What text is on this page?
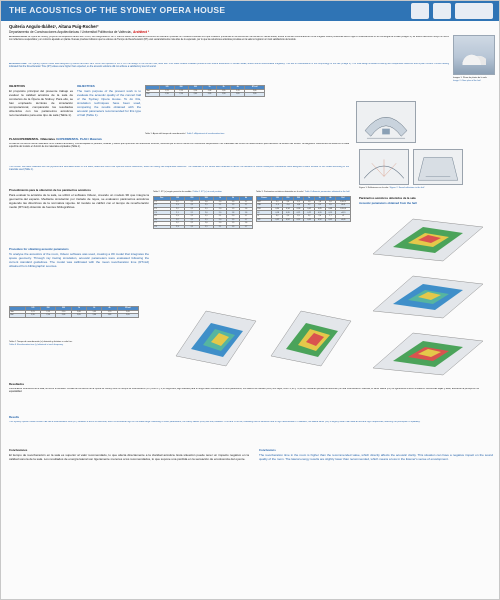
THE ACOUSTICS OF THE SYDNEY OPERA HOUSE
Quiteria Angulo-Ibáñez¹, Aitana Puig-Rocher²
Departamento de Construcciones Arquitectónicas / Universitat Politècnica de València¹, Architect ²
INTRODUCCION. La Ópera de Sídney, proyecto del arquitecto danés Jørn Utzon, fue inaugurada en 1973. Para el diseño de la sala de conciertos se realizaron pruebas con modelos a escala 1/10 que revelaron problemas en la distribución del sonido en ciertas áreas, donde el sonido reverberaba de forma irregular. Estos problemas dieron lugar a modificaciones en la morfología de la sala (Imagen 1). El diseño definitivo incluyó un techo con reflectores suspendidos y un contorno ajustado en planta. Nuevas pruebas indicaron que los valores de Tiempo de Reverberación (RT) eran sustancialmente más altos de lo esperado, por lo que las soluciones acústicas previstas en la sala no lograron un nivel satisfactorio del sonido.
INTRODUCTION. The Sydney Opera House was designed by Danish architect Jørn Utzon and opened in 1973. For the design of the concert hall, tests with 1/10 scale models revealed problems with sound distribution in certain areas, where sound reverberated irregularly. This led to modifications in the morphology of the hall (Image 1). The final design included a ceiling with suspended reflectors and a plan contour. Further testing indicated that the Reverberation Time (RT) values were higher than expected, so the acoustic solutions did not achieve a satisfactory level of sound.
Imagen 1. Plano de planta de la sala
Image 1. Floor plan of the hall
OBJETIVOS
El propósito principal del presente trabajo es evaluar la calidad acústica de la sala de conciertos de la Ópera de Sídney. Para ello, se han empleado técnicas de simulación computacional, comparando los resultados obtenidos con los parámetros acústicos recomendados para este tipo de sala (Tabla 1).
OBJECTIVES
The main purpose of the present work is to evaluate the acoustic quality of the concert hall of the Sydney Opera House. To do this, simulation techniques have been used, comparing the results obtained with the acoustic parameters recommended for this type of hall (Table 1).
	125	250	500	1k	2k	4k	RTmid
Sim.	2,21	2,15	2,10	2,08	1,95	1,70	2,09
Ref.	2,20	2,10	2,05	2,05	1,90	1,65	2,05
Tabla 1. Ajuste del tiempo de reverberación / Table 1. Adjustment of reverberation time
PLAN EXPERIMENTAL / Materiales / EXPERIMENTAL PLAN / Materials
La sala de conciertos utiliza materiales como madera laminada y contrachapada en paredes, butacas y suelos que optimizan las reflexiones sonoras, mientras que el techo cuenta con reflectores suspendidos. Los materiales del recinto se seleccionaron para favorecer la difusión del sonido. Se asignaron coeficientes de absorción a cada superficie del modelo en función de los materiales empleados (Tabla 1).
The concert hall uses materials such as plywood and laminated wood on the walls, seats and floors that optimize sound reflections, while the ceiling has suspended reflectors. The materials of the venue were selected to favour the diffusion of sound. Absorption coefficients were assigned to each surface of the model according to the materials used (Table 1).
Figura 1. Reflexiones en la sala / Figure 1. Sound reflections in the hall
Procedimiento para la obtención de los parámetros acústicos
Para evaluar la acústica de la sala, se utilizó el software Odeon, creando un modelo 3D que integra la geometría del espacio. Mediante simulación por trazado de rayos, se evaluaron parámetros acústicos siguiendo las directrices de la normativa vigente. El modelo se calibró con el tiempo de reverberación medio (RTmid) obtenido de fuentes bibliográficas.
Procedure for obtaining acoustic parameters
To analyse the acoustics of the room, Odeon software was used, creating a 3D model that integrates the space geometry. Through ray tracing simulation, acoustic parameters were evaluated following the current standard guidelines. The model was calibrated with the mean reverberation time (RTmid) obtained from bibliographic sources.
Tabla 2. RT (s) según posición de medida / Table 2. RT (s) at each position
Pos.	125	250	500	1k	2k	4k
P1	2,2	2,1	2,0	2,0	1,9	1,7
P2	2,3	2,2	2,1	2,1	1,9	1,7
P3	2,2	2,2	2,1	2,0	1,9	1,6
P4	2,1	2,1	2,0	2,0	1,8	1,6
P5	2,3	2,2	2,1	2,1	2,0	1,7
P6	2,2	2,1	2,1	2,0	1,9	1,7
P7	2,2	2,2	2,0	2,0	1,9	1,6
P8	2,3	2,2	2,1	2,1	1,9	1,7
Tabla 3. Parámetros acústicos obtenidos en la sala / Table 3. Acoustic parameters obtained in the hall
Param.	125	250	500	1k	2k	4k	Ref.
EDT	2,1	2,0	1,9	1,9	1,8	1,6	1,8-2,2
C80	-1,5	-1,0	-0,6	0,2	0,5	1,0	-4/+4
D50	0,30	0,34	0,38	0,42	0,45	0,48	0,3-0,6
LF	0,18	0,20	0,21	0,22	0,20	0,19	>0,19
G	3,2	2,9	2,5	2,2	2,0	1,7	>2
STI	0,52	0,52	0,52	0,52	0,52	0,52	>0,45
Parámetros acústicos obtenidos de la sala
Acoustic parameters obtained from the hall
	125	250	500	1k	2k	4k	RTmid
Sim.	2,21	2,15	2,10	2,08	1,95	1,70	2,09
Ref.	2,20	2,10	2,05	2,05	1,90	1,65	2,05
Tabla 4. Tiempo de reverberación (s) obtenido y distintas a cada frec.
Table 4. Reverberation time (s) obtained at each frequency
Resultados
Para analizar la acústica de la sala, se utilizó el software. La sala de conciertos de la Ópera de Sídney tiene un tiempo de reverberación (RT) entre 2 y 2,30 segundos, algo elevado para el rango ideal. Atendiendo a otros parámetros, los valores de claridad (C80) son bajos, entre -1,60 y -2,40 dB, indicando pérdida de definición por alta reverberación. Además, el factor lateral (LF) es ligeramente inferior al ideal en frecuencias bajas y altas, afectando la percepción de espacialidad.
Results
The Sydney Opera House concert hall has a reverberation time (RT) between 2 and 2.30 seconds, which is somewhat high for the ideal range. Attending to other parameters, the clarity values (C80) are low, between -1.60 and -2.40 dB, indicating loss of definition due to high reverberation. In addition, the lateral factor (LF) is slightly lower than ideal at low and high frequencies, affecting the perception of spatiality.
Conclusiones
El tiempo de reverberación en la sala es superior al valor recomendado, lo que afecta directamente a la claridad acústica. Esta situación puede tener un impacto negativo en la calidad sonora de la sala. Los resultados de energía lateral son ligeramente menores a los recomendados, lo que supone una pérdida en la sensación de envolvencia del oyente.
Conclusions
The reverberation time in the room is higher than the recommended value, which directly affects the acoustic clarity. This situation can have a negative impact on the sound quality of the room. The lateral energy results are slightly lower than recommended, which means a loss in the listener's sense of envelopment.
